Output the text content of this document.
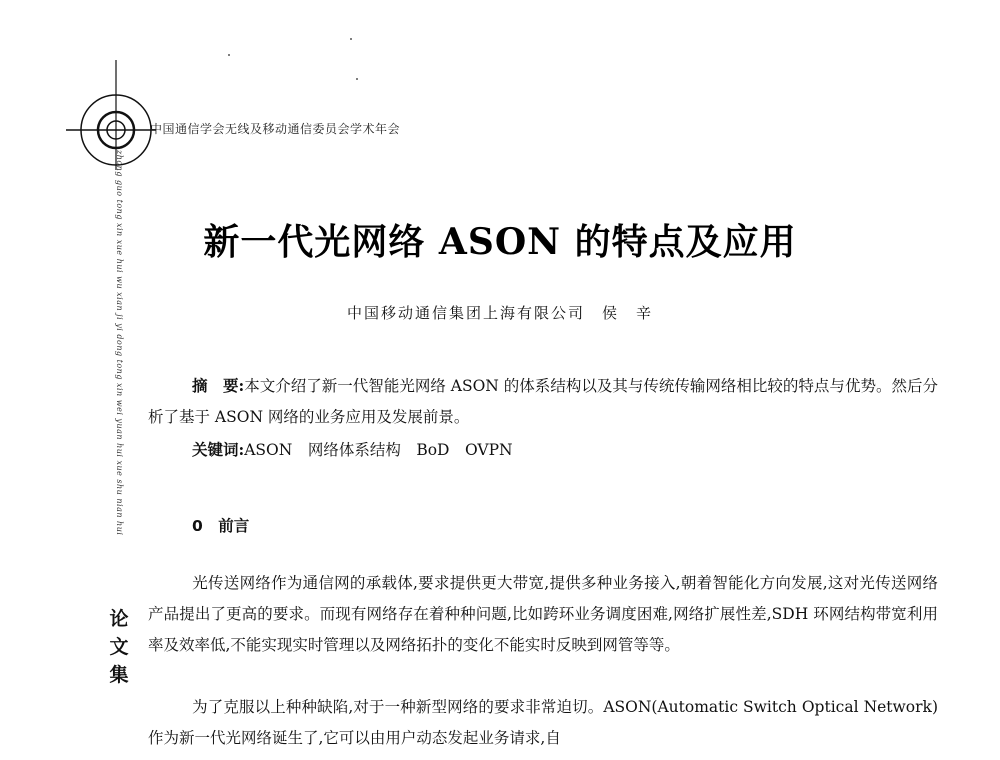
中国通信学会无线及移动通信委员会学术年会
zhong guo tong xin xue hui wu xian ji yi dong tong xin wei yuan hui xue shu nian hui
论文集
新一代光网络 ASON 的特点及应用
中国移动通信集团上海有限公司　侯　辛
摘　要:本文介绍了新一代智能光网络 ASON 的体系结构以及其与传统传输网络相比较的特点与优势。然后分析了基于 ASON 网络的业务应用及发展前景。
关键词:ASON　网络体系结构　BoD　OVPN
0　前言
光传送网络作为通信网的承载体,要求提供更大带宽,提供多种业务接入,朝着智能化方向发展,这对光传送网络产品提出了更高的要求。而现有网络存在着种种问题,比如跨环业务调度困难,网络扩展性差,SDH 环网结构带宽利用率及效率低,不能实现实时管理以及网络拓扑的变化不能实时反映到网管等等。
为了克服以上种种缺陷,对于一种新型网络的要求非常迫切。ASON(Automatic Switch Optical Network)作为新一代光网络诞生了,它可以由用户动态发起业务请求,自
